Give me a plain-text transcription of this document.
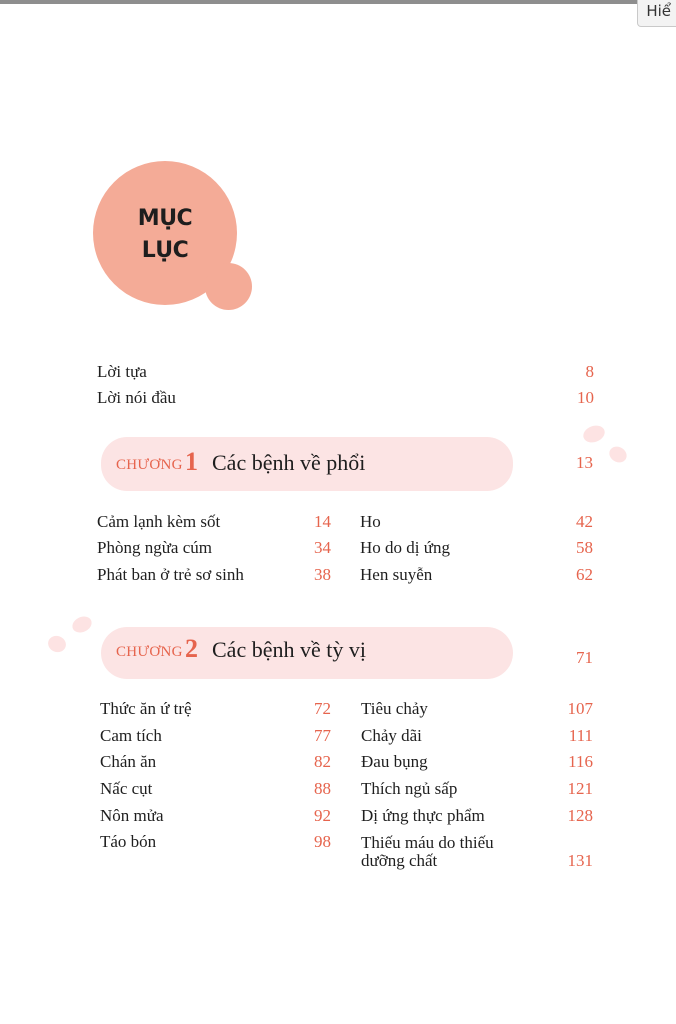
Hiể
MỤC
LỤC
Lời tựa	8
Lời nói đầu	10
CHƯƠNG 1 Các bệnh về phổi	13
Cảm lạnh kèm sốt	14
Phòng ngừa cúm	34
Phát ban ở trẻ sơ sinh	38
Ho	42
Ho do dị ứng	58
Hen suyễn	62
CHƯƠNG 2 Các bệnh về tỳ vị	71
Thức ăn ứ trệ	72
Cam tích	77
Chán ăn	82
Nấc cụt	88
Nôn mửa	92
Táo bón	98
Tiêu chảy	107
Chảy dãi	111
Đau bụng	116
Thích ngủ sấp	121
Dị ứng thực phẩm	128
Thiếu máu do thiếu
dưỡng chất	131
